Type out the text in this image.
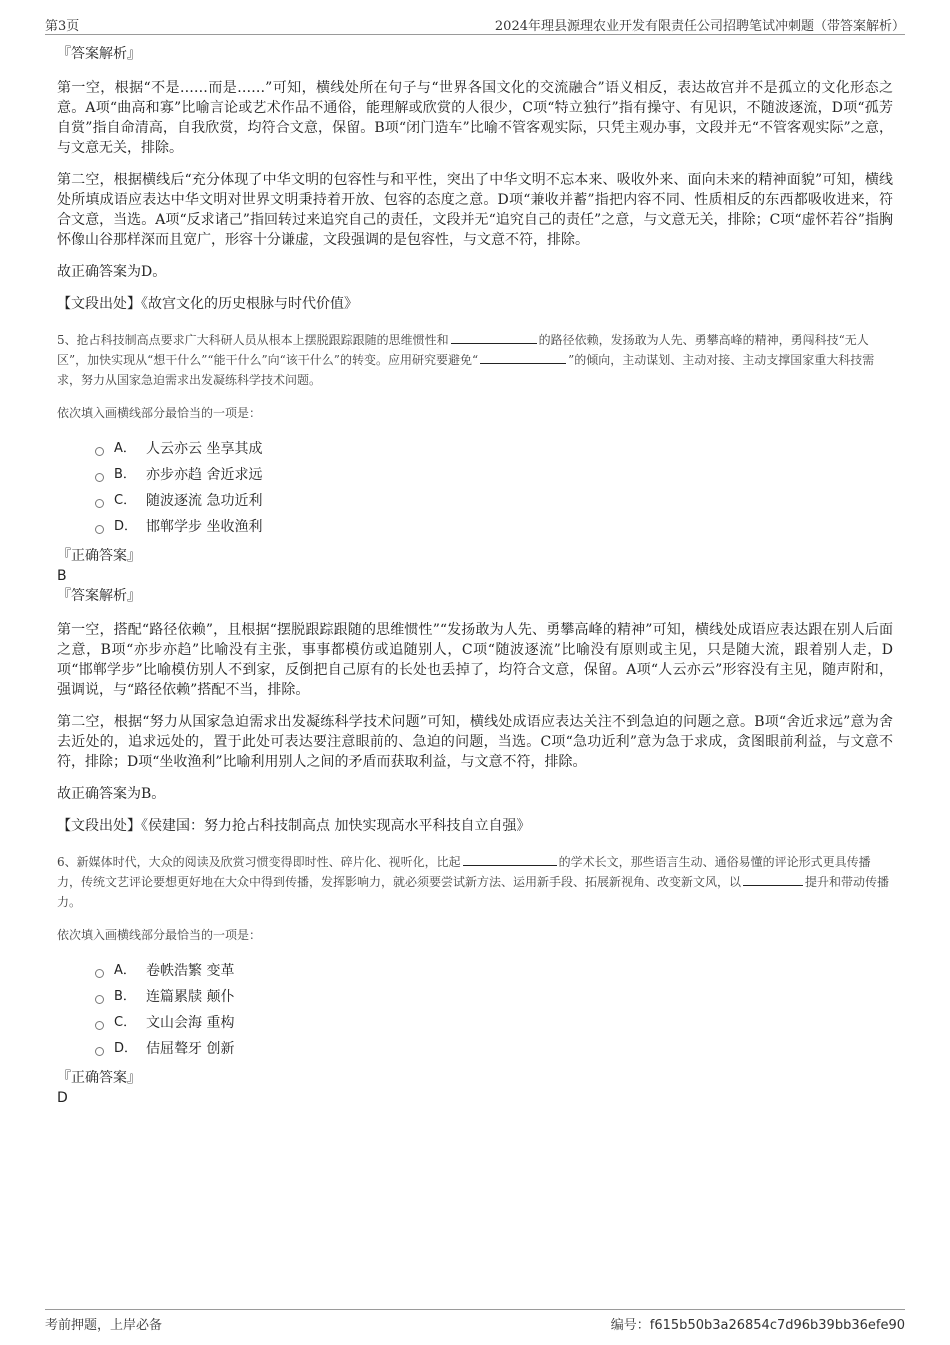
第3页	2024年理县源理农业开发有限责任公司招聘笔试冲刺题（带答案解析）
『答案解析』
第一空，根据“不是……而是……”可知，横线处所在句子与“世界各国文化的交流融合”语义相反，表达故宫并不是孤立的文化形态之意。A项“曲高和寡”比喻言论或艺术作品不通俗，能理解或欣赏的人很少，C项“特立独行”指有操守、有见识，不随波逐流，D项“孤芳自赏”指自命清高，自我欣赏，均符合文意，保留。B项“闭门造车”比喻不管客观实际，只凭主观办事，文段并无“不管客观实际”之意，与文意无关，排除。
第二空，根据横线后“充分体现了中华文明的包容性与和平性，突出了中华文明不忘本来、吸收外来、面向未来的精神面貌”可知，横线处所填成语应表达中华文明对世界文明秉持着开放、包容的态度之意。D项“兼收并蓄”指把内容不同、性质相反的东西都吸收进来，符合文意，当选。A项“反求诸己”指回转过来追究自己的责任，文段并无“追究自己的责任”之意，与文意无关，排除；C项“虚怀若谷”指胸怀像山谷那样深而且宽广，形容十分谦虚，文段强调的是包容性，与文意不符，排除。
故正确答案为D。
【文段出处】《故宫文化的历史根脉与时代价值》
5、抢占科技制高点要求广大科研人员从根本上摆脱跟踪跟随的思维惯性和	的路径依赖，发扬敢为人先、勇攀高峰的精神，勇闯科技“无人区”，加快实现从“想干什么”“能干什么”向“该干什么”的转变。应用研究要避免“	”的倾向，主动谋划、主动对接、主动支撑国家重大科技需求，努力从国家急迫需求出发凝练科学技术问题。
依次填入画横线部分最恰当的一项是：
A． 人云亦云 坐享其成
B． 亦步亦趋 舍近求远
C． 随波逐流 急功近利
D． 邯郸学步 坐收渔利
『正确答案』
B
『答案解析』
第一空，搭配“路径依赖”，且根据“摆脱跟踪跟随的思维惯性”“发扬敢为人先、勇攀高峰的精神”可知，横线处成语应表达跟在别人后面之意，B项“亦步亦趋”比喻没有主张，事事都模仿或追随别人，C项“随波逐流”比喻没有原则或主见，只是随大流，跟着别人走，D项“邯郸学步”比喻模仿别人不到家，反倒把自己原有的长处也丢掉了，均符合文意，保留。A项“人云亦云”形容没有主见，随声附和，强调说，与“路径依赖”搭配不当，排除。
第二空，根据“努力从国家急迫需求出发凝练科学技术问题”可知，横线处成语应表达关注不到急迫的问题之意。B项“舍近求远”意为舍去近处的，追求远处的，置于此处可表达要注意眼前的、急迫的问题，当选。C项“急功近利”意为急于求成，贪图眼前利益，与文意不符，排除；D项“坐收渔利”比喻利用别人之间的矛盾而获取利益，与文意不符，排除。
故正确答案为B。
【文段出处】《侯建国：努力抢占科技制高点 加快实现高水平科技自立自强》
6、新媒体时代，大众的阅读及欣赏习惯变得即时性、碎片化、视听化，比起	的学术长文，那些语言生动、通俗易懂的评论形式更具传播力，传统文艺评论要想更好地在大众中得到传播，发挥影响力，就必须要尝试新方法、运用新手段、拓展新视角、改变新文风，以	提升和带动传播力。
依次填入画横线部分最恰当的一项是：
A． 卷帙浩繁 变革
B． 连篇累牍 颠仆
C． 文山会海 重构
D． 佶屈聱牙 创新
『正确答案』
D
考前押题，上岸必备	编号：f615b50b3a26854c7d96b39bb36efe90
